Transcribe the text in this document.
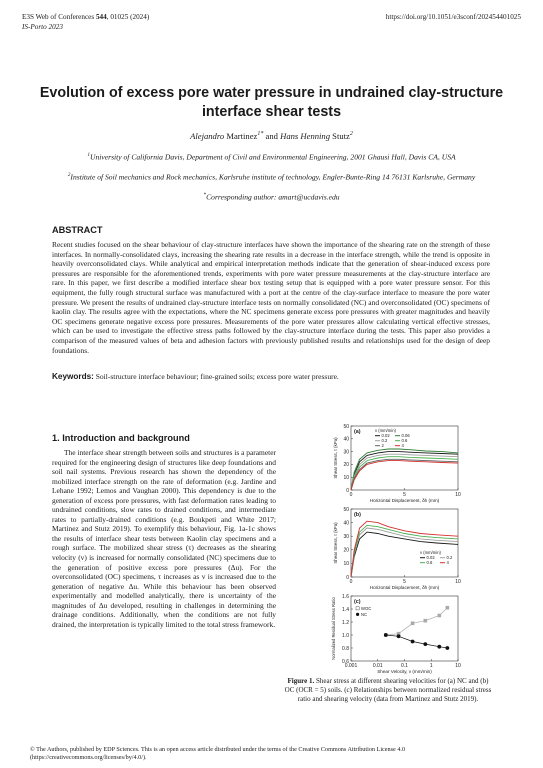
E3S Web of Conferences 544, 01025 (2024)
IS-Porto 2023
https://doi.org/10.1051/e3sconf/202454401025
Evolution of excess pore water pressure in undrained clay-structure interface shear tests
Alejandro Martinez$^{1*}$ and Hans Henning Stutz$^2$
$^1$University of California Davis, Department of Civil and Environmental Engineering, 2001 Ghausi Hall, Davis CA, USA
$^2$Institute of Soil mechanics and Rock mechanics, Karlsruhe institute of technology, Engler-Bunte-Ring 14 76131 Karlsruhe, Germany
*Corresponding author: amart@ucdavis.edu
ABSTRACT
Recent studies focused on the shear behaviour of clay-structure interfaces have shown the importance of the shearing rate on the strength of these interfaces. In normally-consolidated clays, increasing the shearing rate results in a decrease in the interface strength, while the trend is opposite in heavily overconsolidated clays. While analytical and empirical interpretation methods indicate that the generation of shear-induced excess pore pressures are responsible for the aforementioned trends, experiments with pore water pressure measurements at the clay-structure interface are rare. In this paper, we first describe a modified interface shear box testing setup that is equipped with a pore water pressure sensor. For this equipment, the fully rough structural surface was manufactured with a port at the centre of the clay-surface interface to measure the pore water pressure. We present the results of undrained clay-structure interface tests on normally consolidated (NC) and overconsolidated (OC) specimens of kaolin clay. The results agree with the expectations, where the NC specimens generate excess pore pressures with greater magnitudes and heavily OC specimens generate negative excess pore pressures. Measurements of the pore water pressures allow calculating vertical effective stresses, which can be used to investigate the effective stress paths followed by the clay-structure interface during the tests. This paper also provides a comparison of the measured values of beta and adhesion factors with previously published results and relationships used for the design of deep foundations.
Keywords: Soil-structure interface behaviour; fine-grained soils; excess pore water pressure.
1. Introduction and background
The interface shear strength between soils and structures is a parameter required for the engineering design of structures like deep foundations and soil nail systems. Previous research has shown the dependency of the mobilized interface strength on the rate of deformation (e.g. Jardine and Lehane 1992; Lemos and Vaughan 2000). This dependency is due to the generation of excess pore pressures, with fast deformation rates leading to undrained conditions, slow rates to drained conditions, and intermediate rates to partially-drained conditions (e.g. Boukpeti and White 2017; Martinez and Stutz 2019). To exemplify this behaviour, Fig. 1a-1c shows the results of interface shear tests between Kaolin clay specimens and a rough surface. The mobilized shear stress (τ) decreases as the shearing velocity (v) is increased for normally consolidated (NC) specimens due to the generation of positive excess pore pressures (Δu). For the overconsolidated (OC) specimens, τ increases as v is increased due to the generation of negative Δu. While this behaviour has been observed experimentally and modelled analytically, there is uncertainty of the magnitudes of Δu developed, resulting in challenges in determining the drainage conditions. Additionally, when the conditions are not fully drained, the interpretation is typically limited to the total stress framework.
0
10
20
30
40
50
0	5	10
Horizontal Displacement, δh (mm)
Shear Stress, τ (kPa)
(a)	v (mm/min)
0.02	0.06
0.2	0.6
2	4
0
10
20
30
40
50
0	5	10
Horizontal Displacement, δh (mm)
Shear Stress, τ (kPa)
(b)
v (mm/min)
0.02	0.2
0.6	4
0.6
0.8
1.0
1.2
1.4
1.6
0.001	0.01	0.1	1	10
Shear Velocity, v (mm/min)
Normalized Residual Stress Ratio	(c)
WOC
NC
Figure 1. Shear stress at different shearing velocities for (a) NC and (b) OC (OCR = 5) soils. (c) Relationships between normalized residual stress ratio and shearing velocity (data from Martinez and Stutz 2019).
© The Authors, published by EDP Sciences. This is an open access article distributed under the terms of the Creative Commons Attribution License 4.0 (https://creativecommons.org/licenses/by/4.0/).
